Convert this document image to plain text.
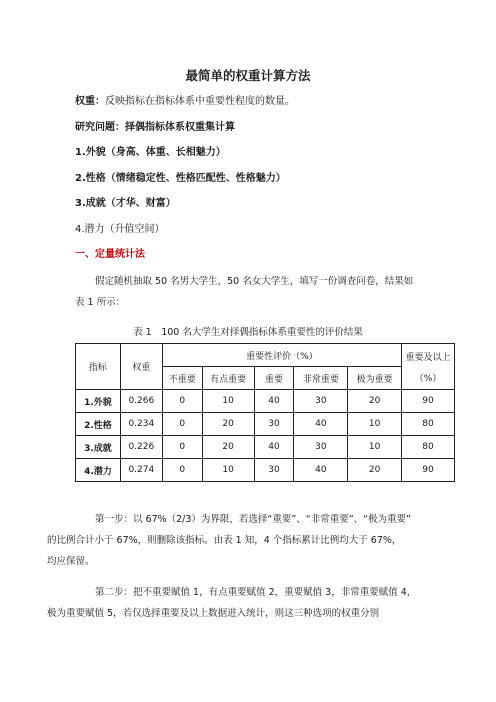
最简单的权重计算方法
权重：反映指标在指标体系中重要性程度的数量。
研究问题：择偶指标体系权重集计算
1.外貌（身高、体重、长相魅力）
2.性格（情绪稳定性、性格匹配性、性格魅力）
3.成就（才华、财富）
4.潜力（升值空间）
一、定量统计法
假定随机抽取 50 名男大学生，50 名女大学生，填写一份调查问卷，结果如
表 1 所示：
表 1　100 名大学生对择偶指标体系重要性的评价结果
指标	权重	重要性评价（%）					重要及以上
（%）

		不重要	有点重要	重要	非常重要	极为重要	
1.外貌	0.266	0	10	40	30	20	90
2.性格	0.234	0	20	30	40	10	80
3.成就	0.226	0	20	40	30	10	80
4.潜力	0.274	0	10	30	40	20	90
第一步：以 67%（2/3）为界限，若选择“重要”、“非常重要”、“极为重要”
的比例合计小于 67%，则删除该指标。由表 1 知，4 个指标累计比例均大于 67%，
均应保留。
第二步：把不重要赋值 1，有点重要赋值 2，重要赋值 3，非常重要赋值 4，
极为重要赋值 5，若仅选择重要及以上数据进入统计，则这三种选项的权重分别
